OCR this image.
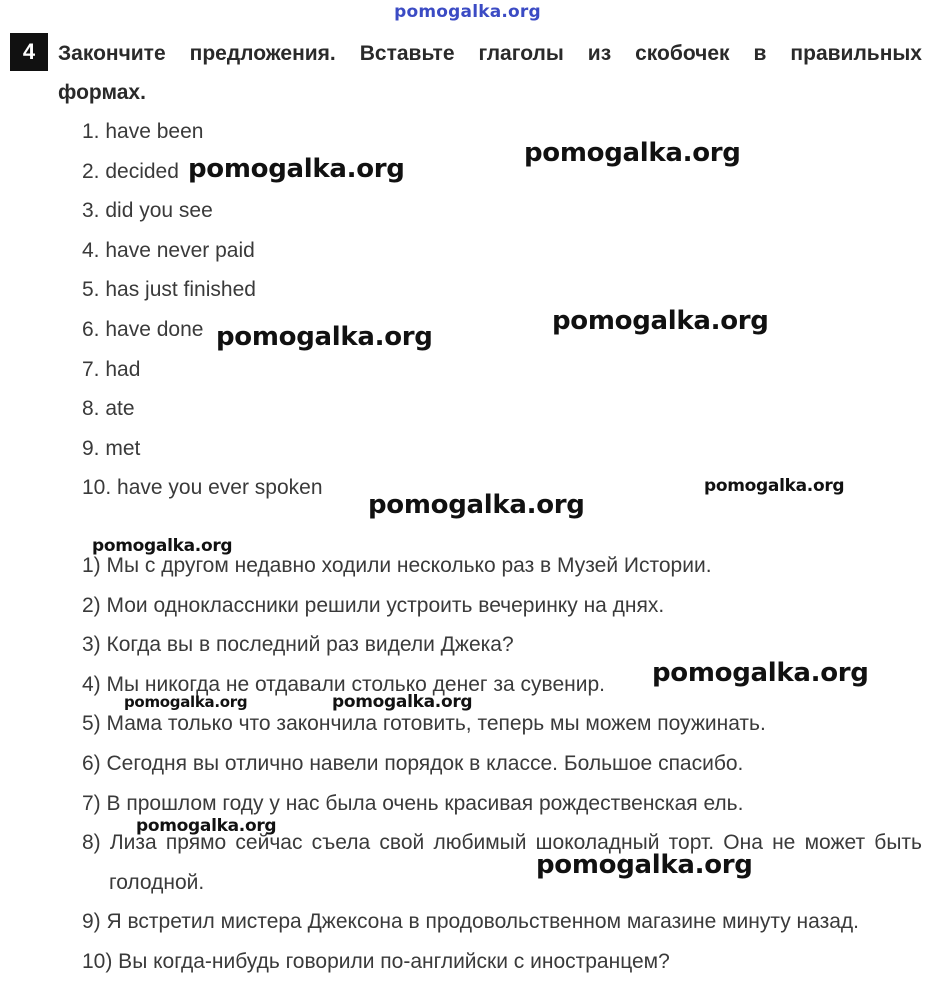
pomogalka.org
4	Закончите предложения. Вставьте глаголы из скобочек в правильных формах.
1. have been
2. decided
3. did you see
4. have never paid
5. has just finished
6. have done
7. had
8. ate
9. met
10. have you ever spoken
1) Мы с другом недавно ходили несколько раз в Музей Истории.
2) Мои одноклассники решили устроить вечеринку на днях.
3) Когда вы в последний раз видели Джека?
4) Мы никогда не отдавали столько денег за сувенир.
5) Мама только что закончила готовить, теперь мы можем поужинать.
6) Сегодня вы отлично навели порядок в классе. Большое спасибо.
7) В прошлом году у нас была очень красивая рождественская ель.
8) Лиза прямо сейчас съела свой любимый шоколадный торт. Она не может быть голодной.
9) Я встретил мистера Джексона в продовольственном магазине минуту назад.
10) Вы когда-нибудь говорили по-английски с иностранцем?
pomogalka.org
pomogalka.org
pomogalka.org
pomogalka.org
pomogalka.org
pomogalka.org
pomogalka.org
pomogalka.org
pomogalka.org	pomogalka.org
pomogalka.org
pomogalka.org
